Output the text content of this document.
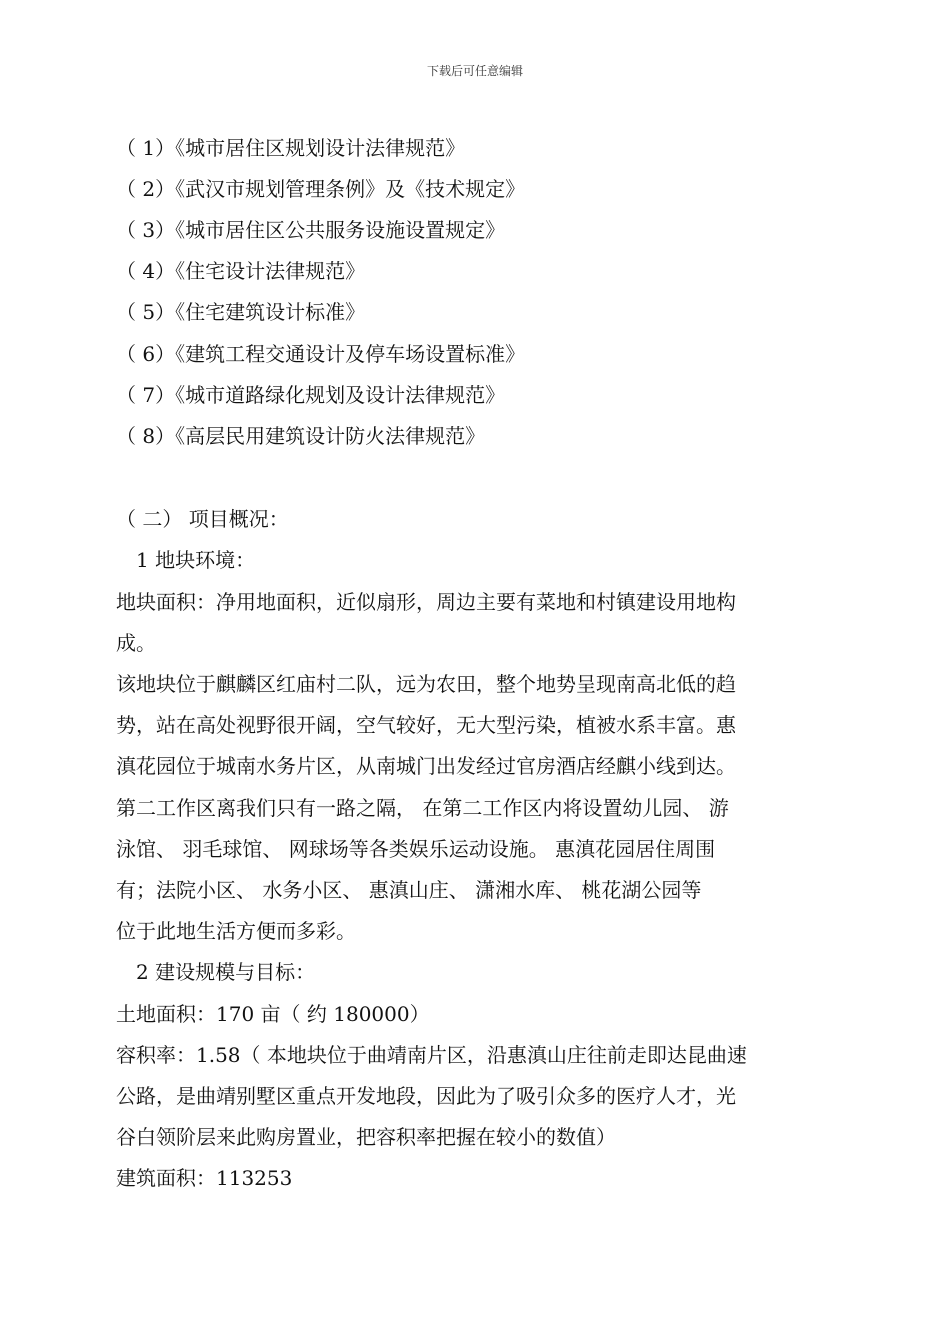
下载后可任意编辑
（ 1）《城市居住区规划设计法律规范》
（ 2）《武汉市规划管理条例》及《技术规定》
（ 3）《城市居住区公共服务设施设置规定》
（ 4）《住宅设计法律规范》
（ 5）《住宅建筑设计标准》
（ 6）《建筑工程交通设计及停车场设置标准》
（ 7）《城市道路绿化规划及设计法律规范》
（ 8）《高层民用建筑设计防火法律规范》
（ 二） 项目概况：
1 地块环境：
地块面积：净用地面积，近似扇形，周边主要有菜地和村镇建设用地构
成。
该地块位于麒麟区红庙村二队，远为农田，整个地势呈现南高北低的趋
势，站在高处视野很开阔，空气较好，无大型污染，植被水系丰富。惠
滇花园位于城南水务片区，从南城门出发经过官房酒店经麒小线到达。
第二工作区离我们只有一路之隔， 在第二工作区内将设置幼儿园、 游
泳馆、 羽毛球馆、 网球场等各类娱乐运动设施。 惠滇花园居住周围
有；法院小区、 水务小区、 惠滇山庄、 潇湘水库、 桃花湖公园等
位于此地生活方便而多彩。
2 建设规模与目标：
土地面积：170 亩（ 约 180000）
容积率：1.58（ 本地块位于曲靖南片区，沿惠滇山庄往前走即达昆曲速
公路，是曲靖别墅区重点开发地段，因此为了吸引众多的医疗人才，光
谷白领阶层来此购房置业，把容积率把握在较小的数值）
建筑面积：113253
